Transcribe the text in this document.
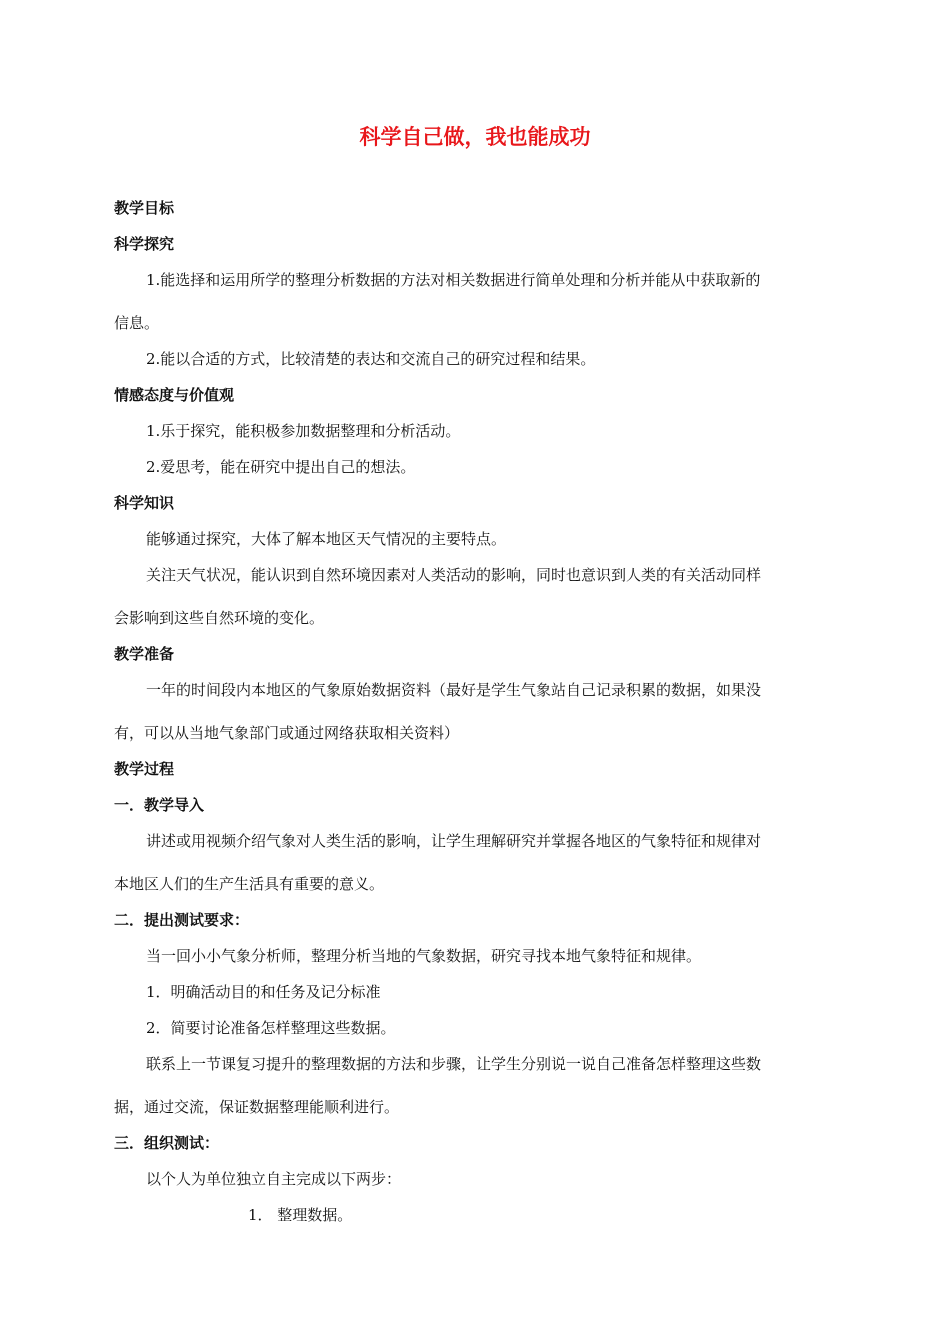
科学自己做，我也能成功

教学目标

科学探究

1.能选择和运用所学的整理分析数据的方法对相关数据进行简单处理和分析并能从中获取新的

信息。

2.能以合适的方式，比较清楚的表达和交流自己的研究过程和结果。

情感态度与价值观

1.乐于探究，能积极参加数据整理和分析活动。

2.爱思考，能在研究中提出自己的想法。

科学知识

能够通过探究，大体了解本地区天气情况的主要特点。

关注天气状况，能认识到自然环境因素对人类活动的影响，同时也意识到人类的有关活动同样

会影响到这些自然环境的变化。

教学准备

一年的时间段内本地区的气象原始数据资料（最好是学生气象站自己记录积累的数据，如果没

有，可以从当地气象部门或通过网络获取相关资料）

教学过程

一．教学导入

讲述或用视频介绍气象对人类生活的影响，让学生理解研究并掌握各地区的气象特征和规律对

本地区人们的生产生活具有重要的意义。

二．提出测试要求：

当一回小小气象分析师，整理分析当地的气象数据，研究寻找本地气象特征和规律。

1．明确活动目的和任务及记分标准

2．简要讨论准备怎样整理这些数据。

联系上一节课复习提升的整理数据的方法和步骤，让学生分别说一说自己准备怎样整理这些数

据，通过交流，保证数据整理能顺利进行。

三．组织测试：

以个人为单位独立自主完成以下两步：

1． 整理数据。
